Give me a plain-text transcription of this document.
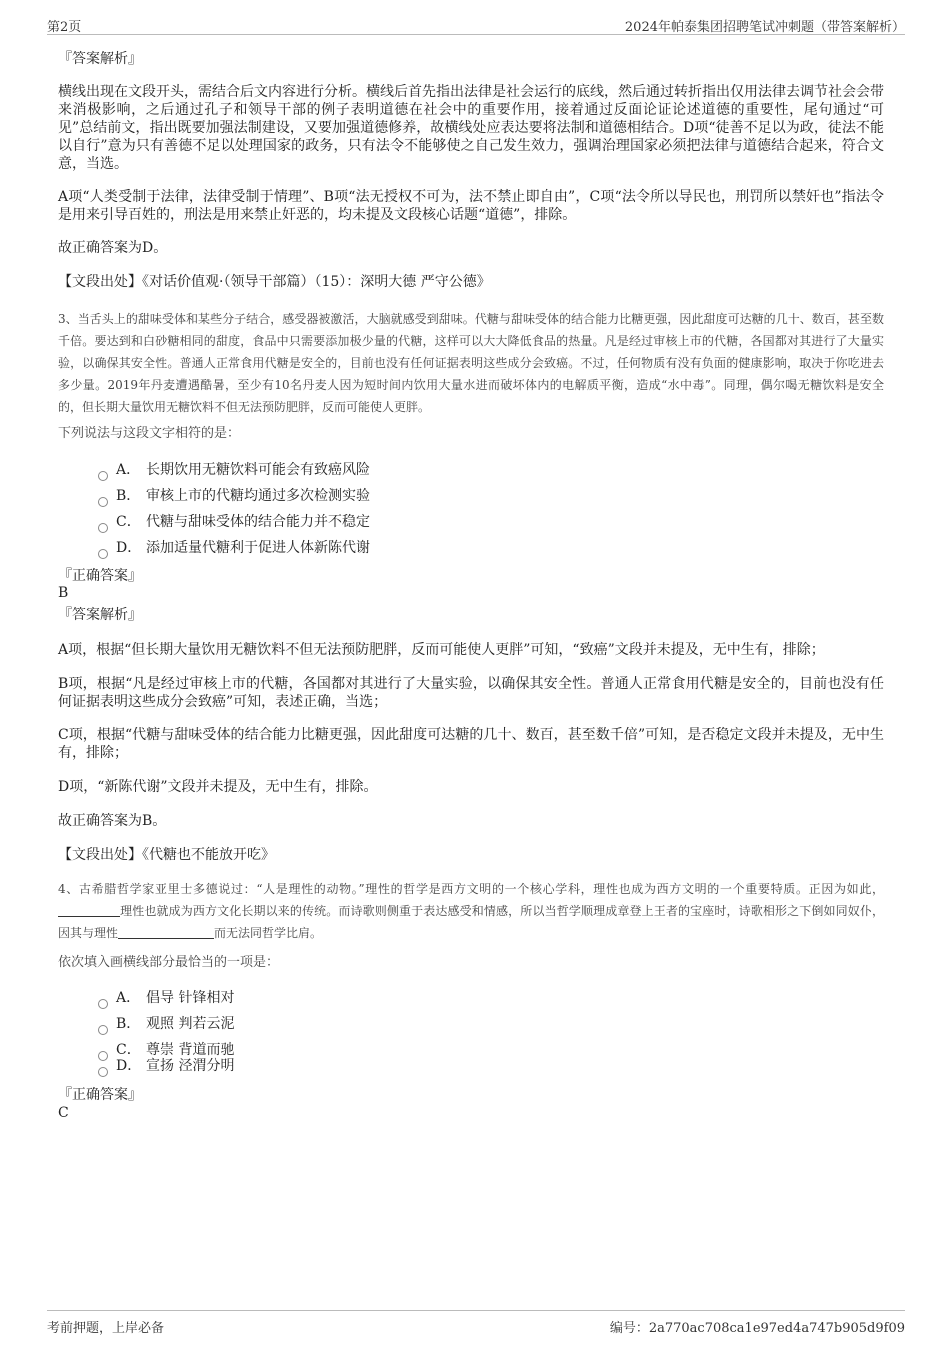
第2页	2024年帕泰集团招聘笔试冲刺题（带答案解析）

『答案解析』

横线出现在文段开头，需结合后文内容进行分析。横线后首先指出法律是社会运行的底线，然后通过转折指出仅用法律去调节社会会带来消极影响，之后通过孔子和领导干部的例子表明道德在社会中的重要作用，接着通过反面论证论述道德的重要性，尾句通过“可见”总结前文，指出既要加强法制建设，又要加强道德修养，故横线处应表达要将法制和道德相结合。D项“徒善不足以为政，徒法不能以自行”意为只有善德不足以处理国家的政务，只有法令不能够使之自己发生效力，强调治理国家必须把法律与道德结合起来，符合文意，当选。

A项“人类受制于法律，法律受制于情理”、B项“法无授权不可为，法不禁止即自由”，C项“法令所以导民也，刑罚所以禁奸也”指法令是用来引导百姓的，刑法是用来禁止奸恶的，均未提及文段核心话题“道德”，排除。

故正确答案为D。

【文段出处】《对话价值观·（领导干部篇）（15）：深明大德 严守公德》

3、当舌头上的甜味受体和某些分子结合，感受器被激活，大脑就感受到甜味。代糖与甜味受体的结合能力比糖更强，因此甜度可达糖的几十、数百，甚至数千倍。要达到和白砂糖相同的甜度，食品中只需要添加极少量的代糖，这样可以大大降低食品的热量。凡是经过审核上市的代糖，各国都对其进行了大量实验，以确保其安全性。普通人正常食用代糖是安全的，目前也没有任何证据表明这些成分会致癌。不过，任何物质有没有负面的健康影响，取决于你吃进去多少量。2019年丹麦遭遇酷暑，至少有10名丹麦人因为短时间内饮用大量水进而破坏体内的电解质平衡，造成“水中毒”。同理，偶尔喝无糖饮料是安全的，但长期大量饮用无糖饮料不但无法预防肥胖，反而可能使人更胖。

下列说法与这段文字相符的是：

A． 长期饮用无糖饮料可能会有致癌风险
B． 审核上市的代糖均通过多次检测实验
C． 代糖与甜味受体的结合能力并不稳定
D． 添加适量代糖利于促进人体新陈代谢

『正确答案』

B

『答案解析』

A项，根据“但长期大量饮用无糖饮料不但无法预防肥胖，反而可能使人更胖”可知，“致癌”文段并未提及，无中生有，排除；

B项，根据“凡是经过审核上市的代糖，各国都对其进行了大量实验，以确保其安全性。普通人正常食用代糖是安全的，目前也没有任何证据表明这些成分会致癌”可知，表述正确，当选；

C项，根据“代糖与甜味受体的结合能力比糖更强，因此甜度可达糖的几十、数百，甚至数千倍”可知，是否稳定文段并未提及，无中生有，排除；

D项，“新陈代谢”文段并未提及，无中生有，排除。

故正确答案为B。

【文段出处】《代糖也不能放开吃》

4、古希腊哲学家亚里士多德说过：“人是理性的动物。”理性的哲学是西方文明的一个核心学科，理性也成为西方文明的一个重要特质。正因为如此，理性也就成为西方文化长期以来的传统。而诗歌则侧重于表达感受和情感，所以当哲学顺理成章登上王者的宝座时，诗歌相形之下倒如同奴仆，因其与理性	而无法同哲学比肩。

依次填入画横线部分最恰当的一项是：

A． 倡导 针锋相对
B． 观照 判若云泥
C． 尊崇 背道而驰
D． 宣扬 泾渭分明

『正确答案』

C

考前押题，上岸必备	编号：2a770ac708ca1e97ed4a747b905d9f09
